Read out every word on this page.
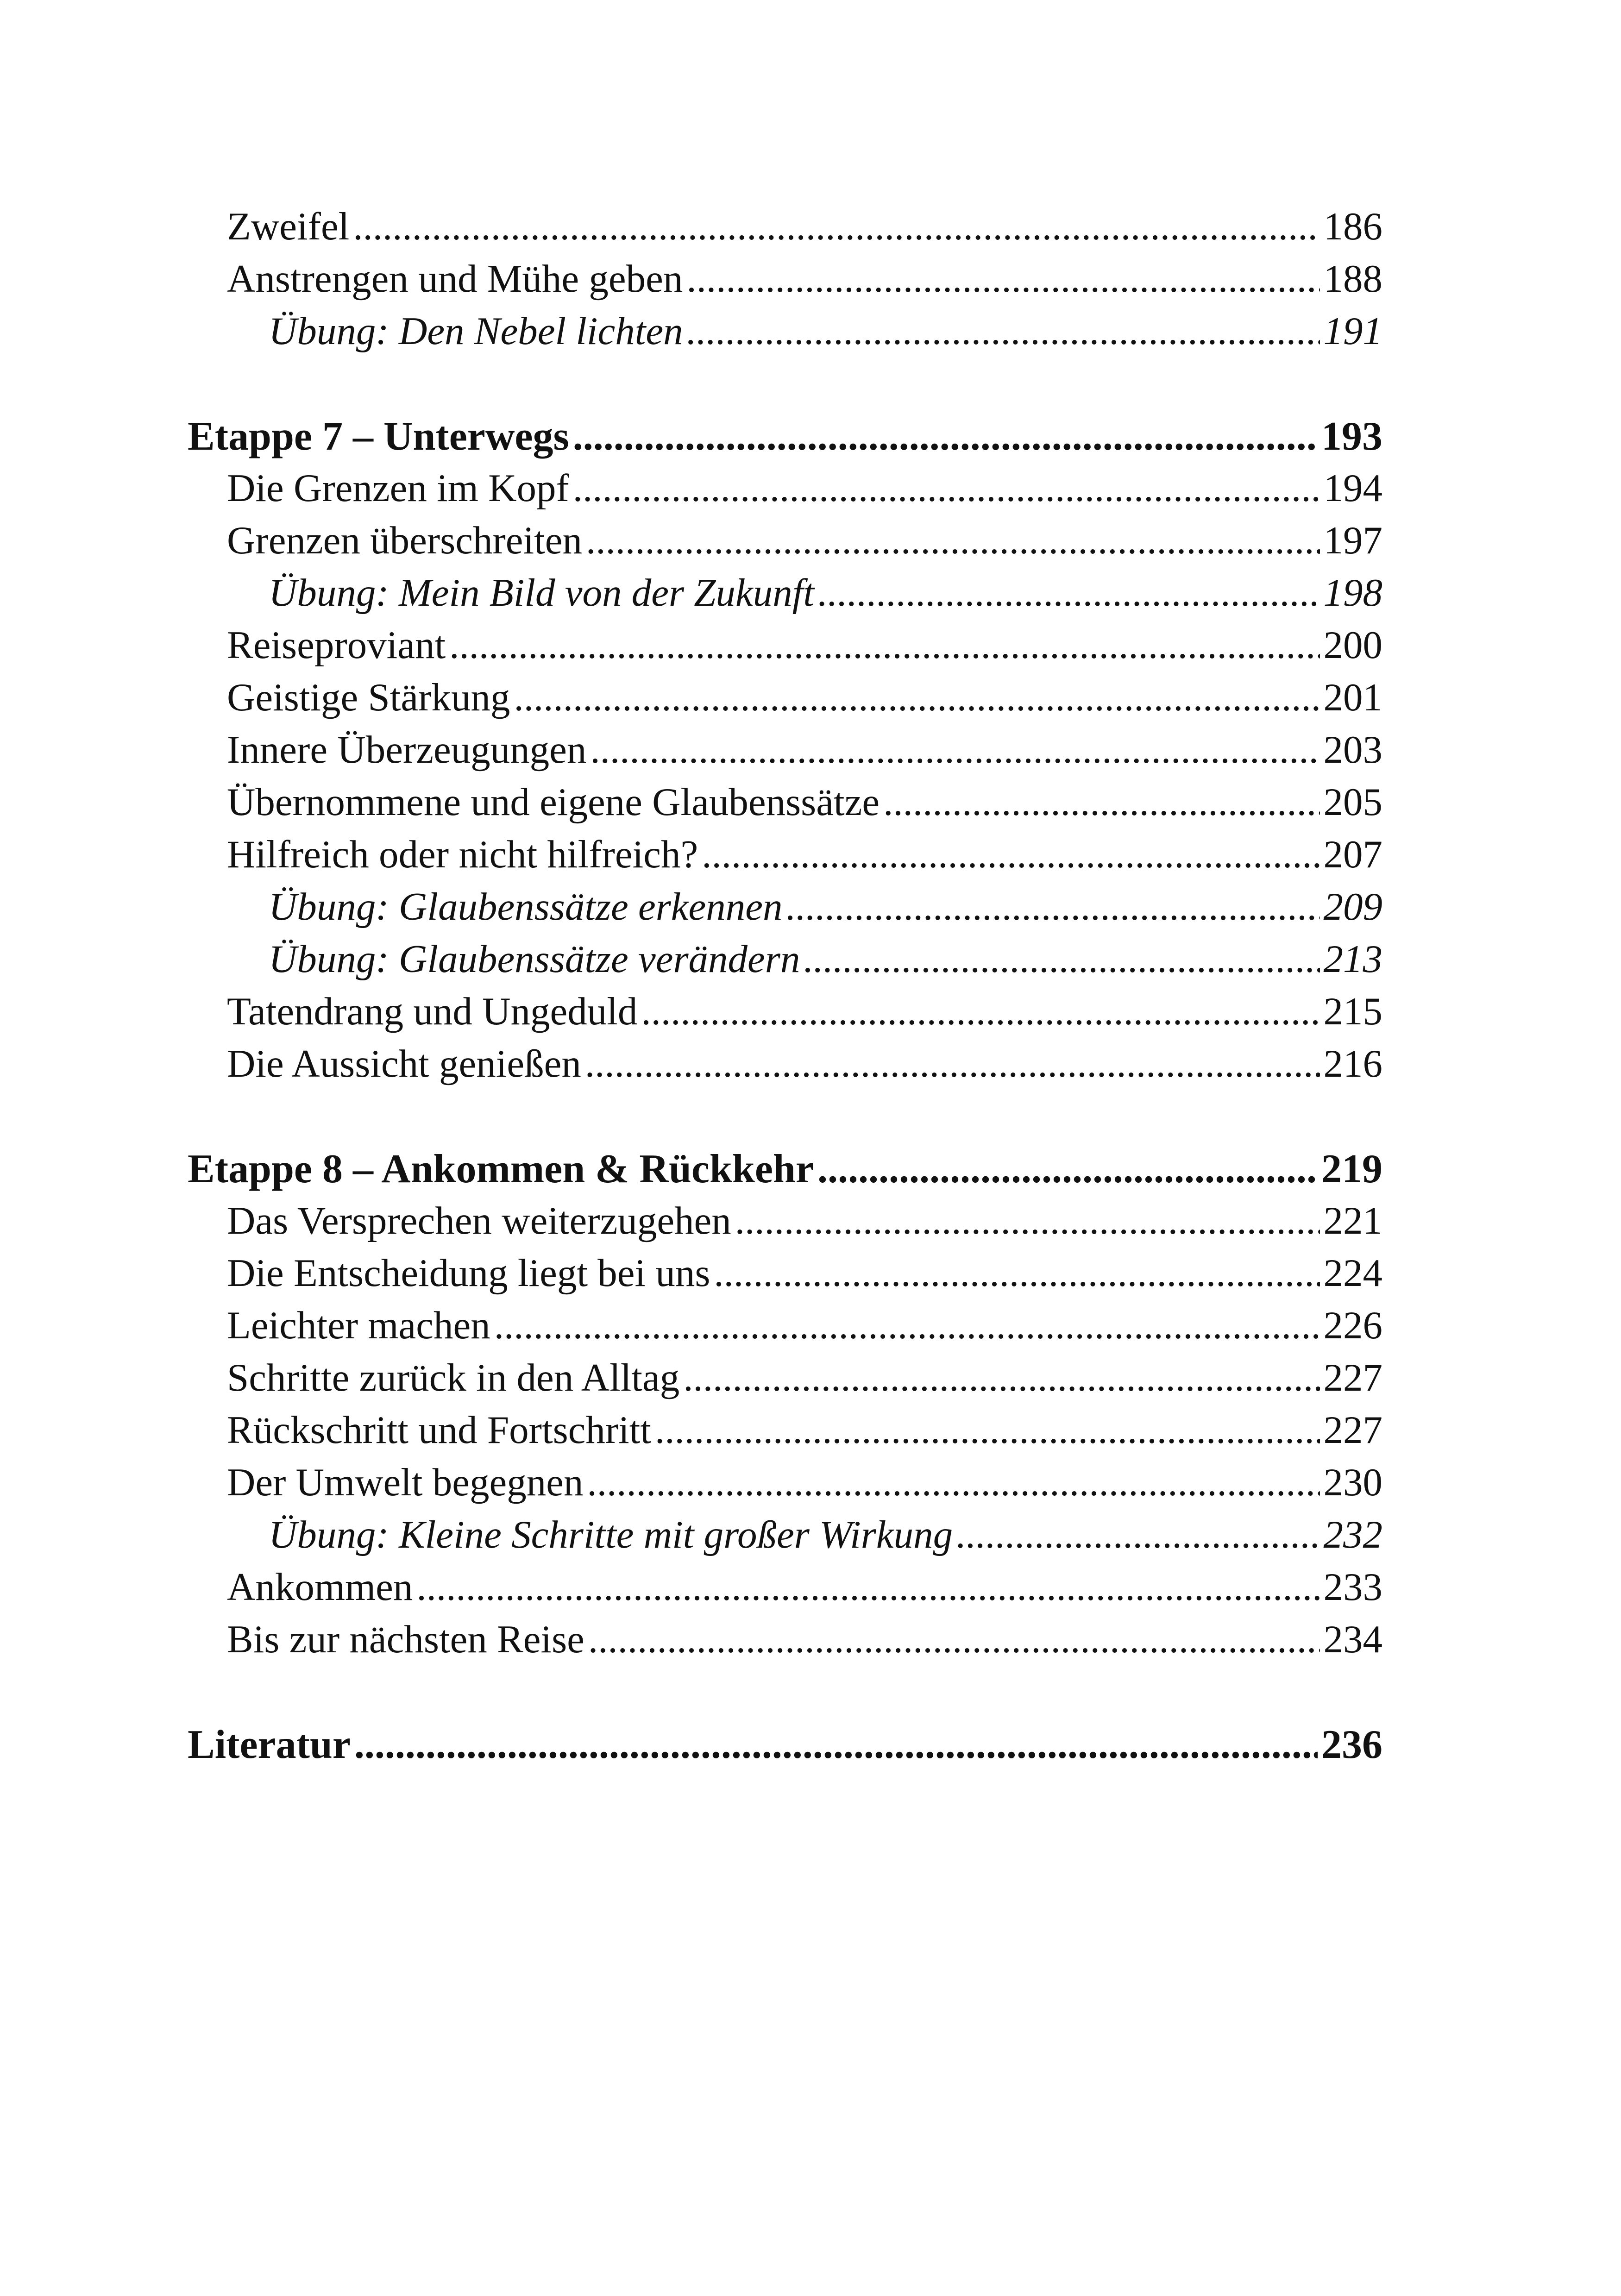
Zweifel .....	186
Anstrengen und Mühe geben .....	188
Übung: Den Nebel lichten .....	191
Etappe 7 – Unterwegs .....	193
Die Grenzen im Kopf .....	194
Grenzen überschreiten .....	197
Übung: Mein Bild von der Zukunft .....	198
Reiseproviant .....	200
Geistige Stärkung .....	201
Innere Überzeugungen .....	203
Übernommene und eigene Glaubenssätze .....	205
Hilfreich oder nicht hilfreich? .....	207
Übung: Glaubenssätze erkennen .....	209
Übung: Glaubenssätze verändern .....	213
Tatendrang und Ungeduld .....	215
Die Aussicht genießen .....	216
Etappe 8 – Ankommen & Rückkehr .....	219
Das Versprechen weiterzugehen .....	221
Die Entscheidung liegt bei uns .....	224
Leichter machen .....	226
Schritte zurück in den Alltag .....	227
Rückschritt und Fortschritt .....	227
Der Umwelt begegnen .....	230
Übung: Kleine Schritte mit großer Wirkung .....	232
Ankommen .....	233
Bis zur nächsten Reise .....	234
Literatur .....	236
